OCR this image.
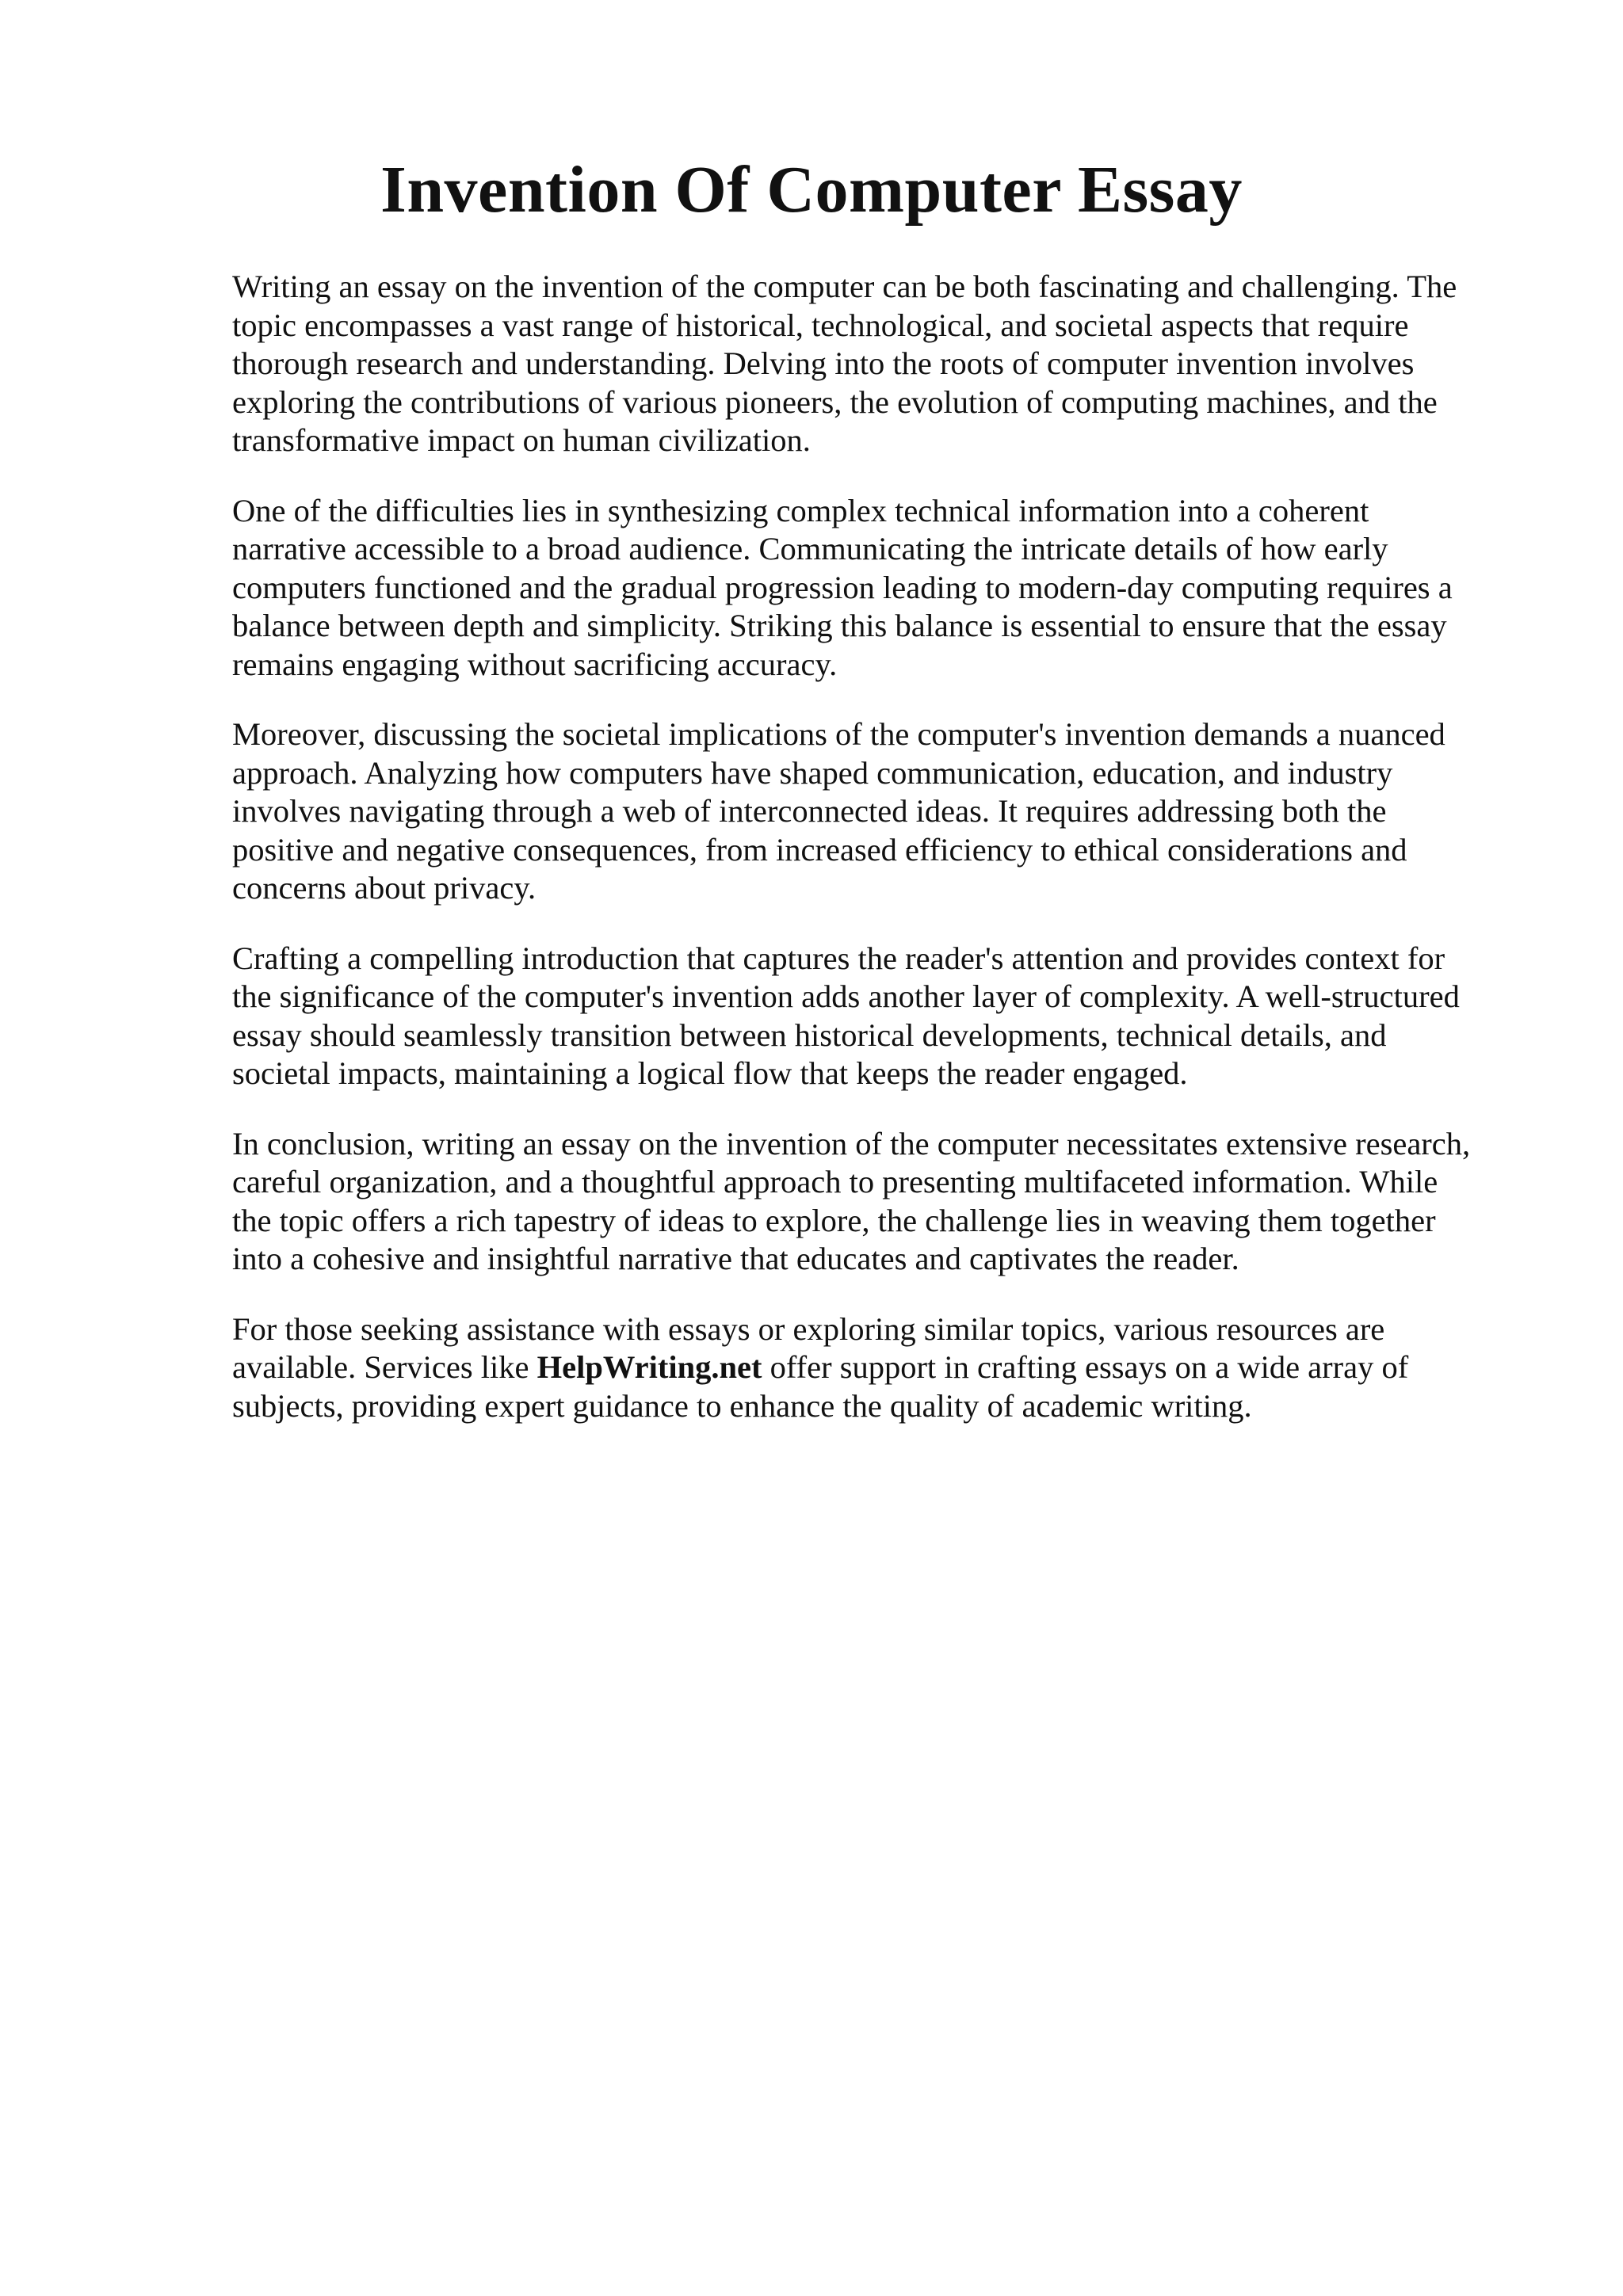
Invention Of Computer Essay
Writing an essay on the invention of the computer can be both fascinating and challenging. The
topic encompasses a vast range of historical, technological, and societal aspects that require
thorough research and understanding. Delving into the roots of computer invention involves
exploring the contributions of various pioneers, the evolution of computing machines, and the
transformative impact on human civilization.
One of the difficulties lies in synthesizing complex technical information into a coherent
narrative accessible to a broad audience. Communicating the intricate details of how early
computers functioned and the gradual progression leading to modern-day computing requires a
balance between depth and simplicity. Striking this balance is essential to ensure that the essay
remains engaging without sacrificing accuracy.
Moreover, discussing the societal implications of the computer's invention demands a nuanced
approach. Analyzing how computers have shaped communication, education, and industry
involves navigating through a web of interconnected ideas. It requires addressing both the
positive and negative consequences, from increased efficiency to ethical considerations and
concerns about privacy.
Crafting a compelling introduction that captures the reader's attention and provides context for
the significance of the computer's invention adds another layer of complexity. A well-structured
essay should seamlessly transition between historical developments, technical details, and
societal impacts, maintaining a logical flow that keeps the reader engaged.
In conclusion, writing an essay on the invention of the computer necessitates extensive research,
careful organization, and a thoughtful approach to presenting multifaceted information. While
the topic offers a rich tapestry of ideas to explore, the challenge lies in weaving them together
into a cohesive and insightful narrative that educates and captivates the reader.
For those seeking assistance with essays or exploring similar topics, various resources are
available. Services like HelpWriting.net offer support in crafting essays on a wide array of
subjects, providing expert guidance to enhance the quality of academic writing.
